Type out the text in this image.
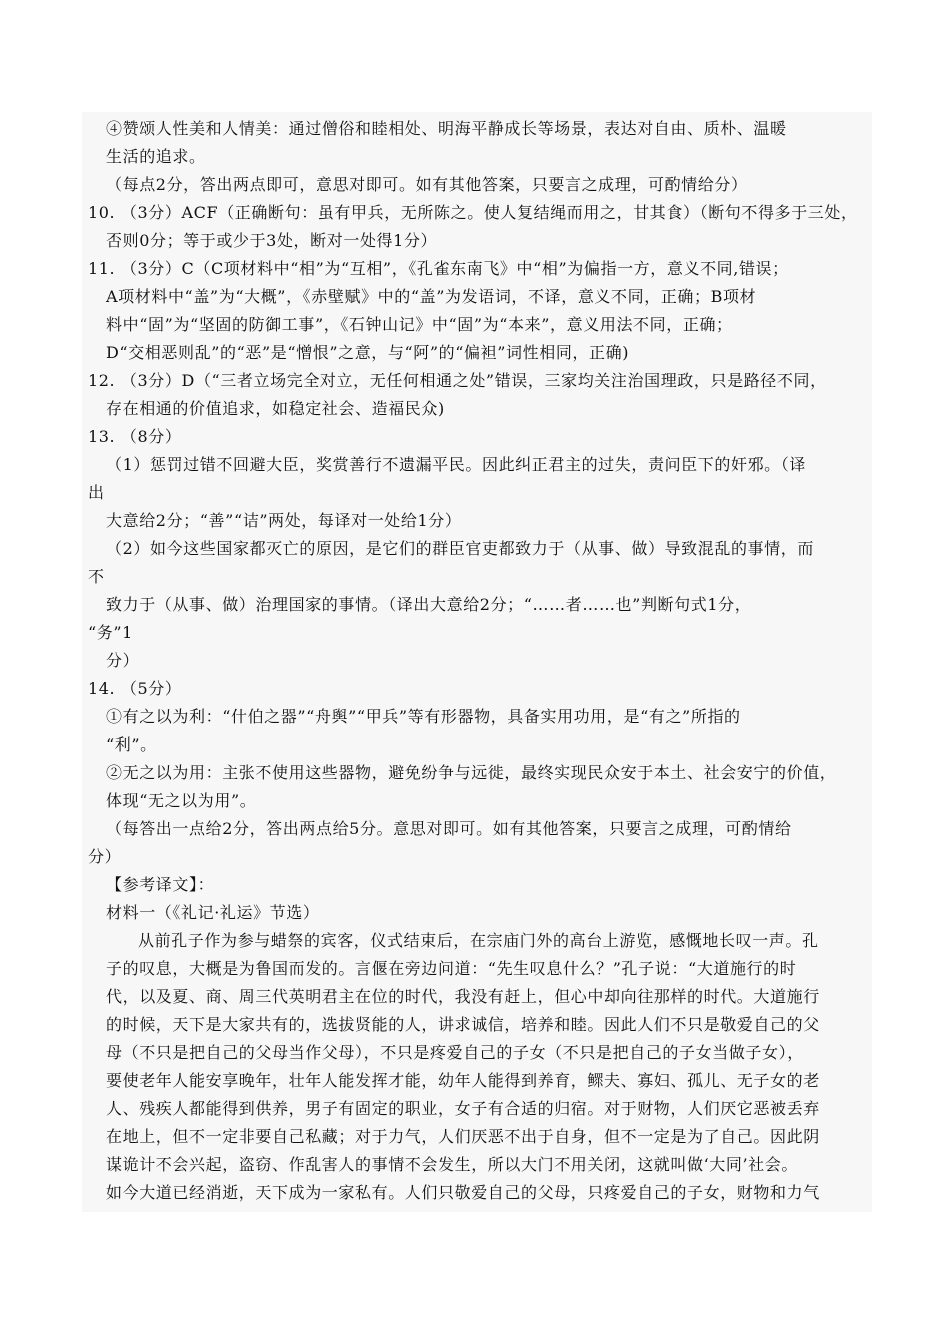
④赞颂人性美和人情美：通过僧俗和睦相处、明海平静成长等场景，表达对自由、质朴、温暖
生活的追求。
（每点2分，答出两点即可，意思对即可。如有其他答案，只要言之成理，可酌情给分）
10. （3分）ACF（正确断句：虽有甲兵，无所陈之。使人复结绳而用之，甘其食）（断句不得多于三处，
否则0分；等于或少于3处，断对一处得1分）
11. （3分）C（C项材料中“相”为“互相”，《孔雀东南飞》中“相”为偏指一方，意义不同,错误；
A项材料中“盖”为“大概”，《赤壁赋》中的“盖”为发语词，不译，意义不同，正确；B项材
料中“固”为“坚固的防御工事”，《石钟山记》中“固”为“本来”，意义用法不同，正确；
D“交相恶则乱”的“恶”是“憎恨”之意，与“阿”的“偏袒”词性相同，正确)
12. （3分）D（“三者立场完全对立，无任何相通之处”错误，三家均关注治国理政，只是路径不同，
存在相通的价值追求，如稳定社会、造福民众)
13. （8分）
（1）惩罚过错不回避大臣，奖赏善行不遗漏平民。因此纠正君主的过失，责问臣下的奸邪。（译
出
大意给2分；“善”“诘”两处，每译对一处给1分）
（2）如今这些国家都灭亡的原因，是它们的群臣官吏都致力于（从事、做）导致混乱的事情，而
不
致力于（从事、做）治理国家的事情。（译出大意给2分；“……者……也”判断句式1分，
“务”1
分）
14. （5分）
①有之以为利：“什伯之器”“舟舆”“甲兵”等有形器物，具备实用功用，是“有之”所指的
“利”。
②无之以为用：主张不使用这些器物，避免纷争与远徙，最终实现民众安于本土、社会安宁的价值，
体现“无之以为用”。
（每答出一点给2分，答出两点给5分。意思对即可。如有其他答案，只要言之成理，可酌情给
分）
【参考译文】：
材料一（《礼记·礼运》节选）
从前孔子作为参与蜡祭的宾客，仪式结束后，在宗庙门外的高台上游览，感慨地长叹一声。孔
子的叹息，大概是为鲁国而发的。言偃在旁边问道：“先生叹息什么？”孔子说：“大道施行的时
代，以及夏、商、周三代英明君主在位的时代，我没有赶上，但心中却向往那样的时代。大道施行
的时候，天下是大家共有的，选拔贤能的人，讲求诚信，培养和睦。因此人们不只是敬爱自己的父
母（不只是把自己的父母当作父母），不只是疼爱自己的子女（不只是把自己的子女当做子女），
要使老年人能安享晚年，壮年人能发挥才能，幼年人能得到养育，鳏夫、寡妇、孤儿、无子女的老
人、残疾人都能得到供养，男子有固定的职业，女子有合适的归宿。对于财物，人们厌它恶被丢弃
在地上，但不一定非要自己私藏；对于力气，人们厌恶不出于自身，但不一定是为了自己。因此阴
谋诡计不会兴起，盗窃、作乱害人的事情不会发生，所以大门不用关闭，这就叫做‘大同’社会。
如今大道已经消逝，天下成为一家私有。人们只敬爱自己的父母，只疼爱自己的子女，财物和力气
